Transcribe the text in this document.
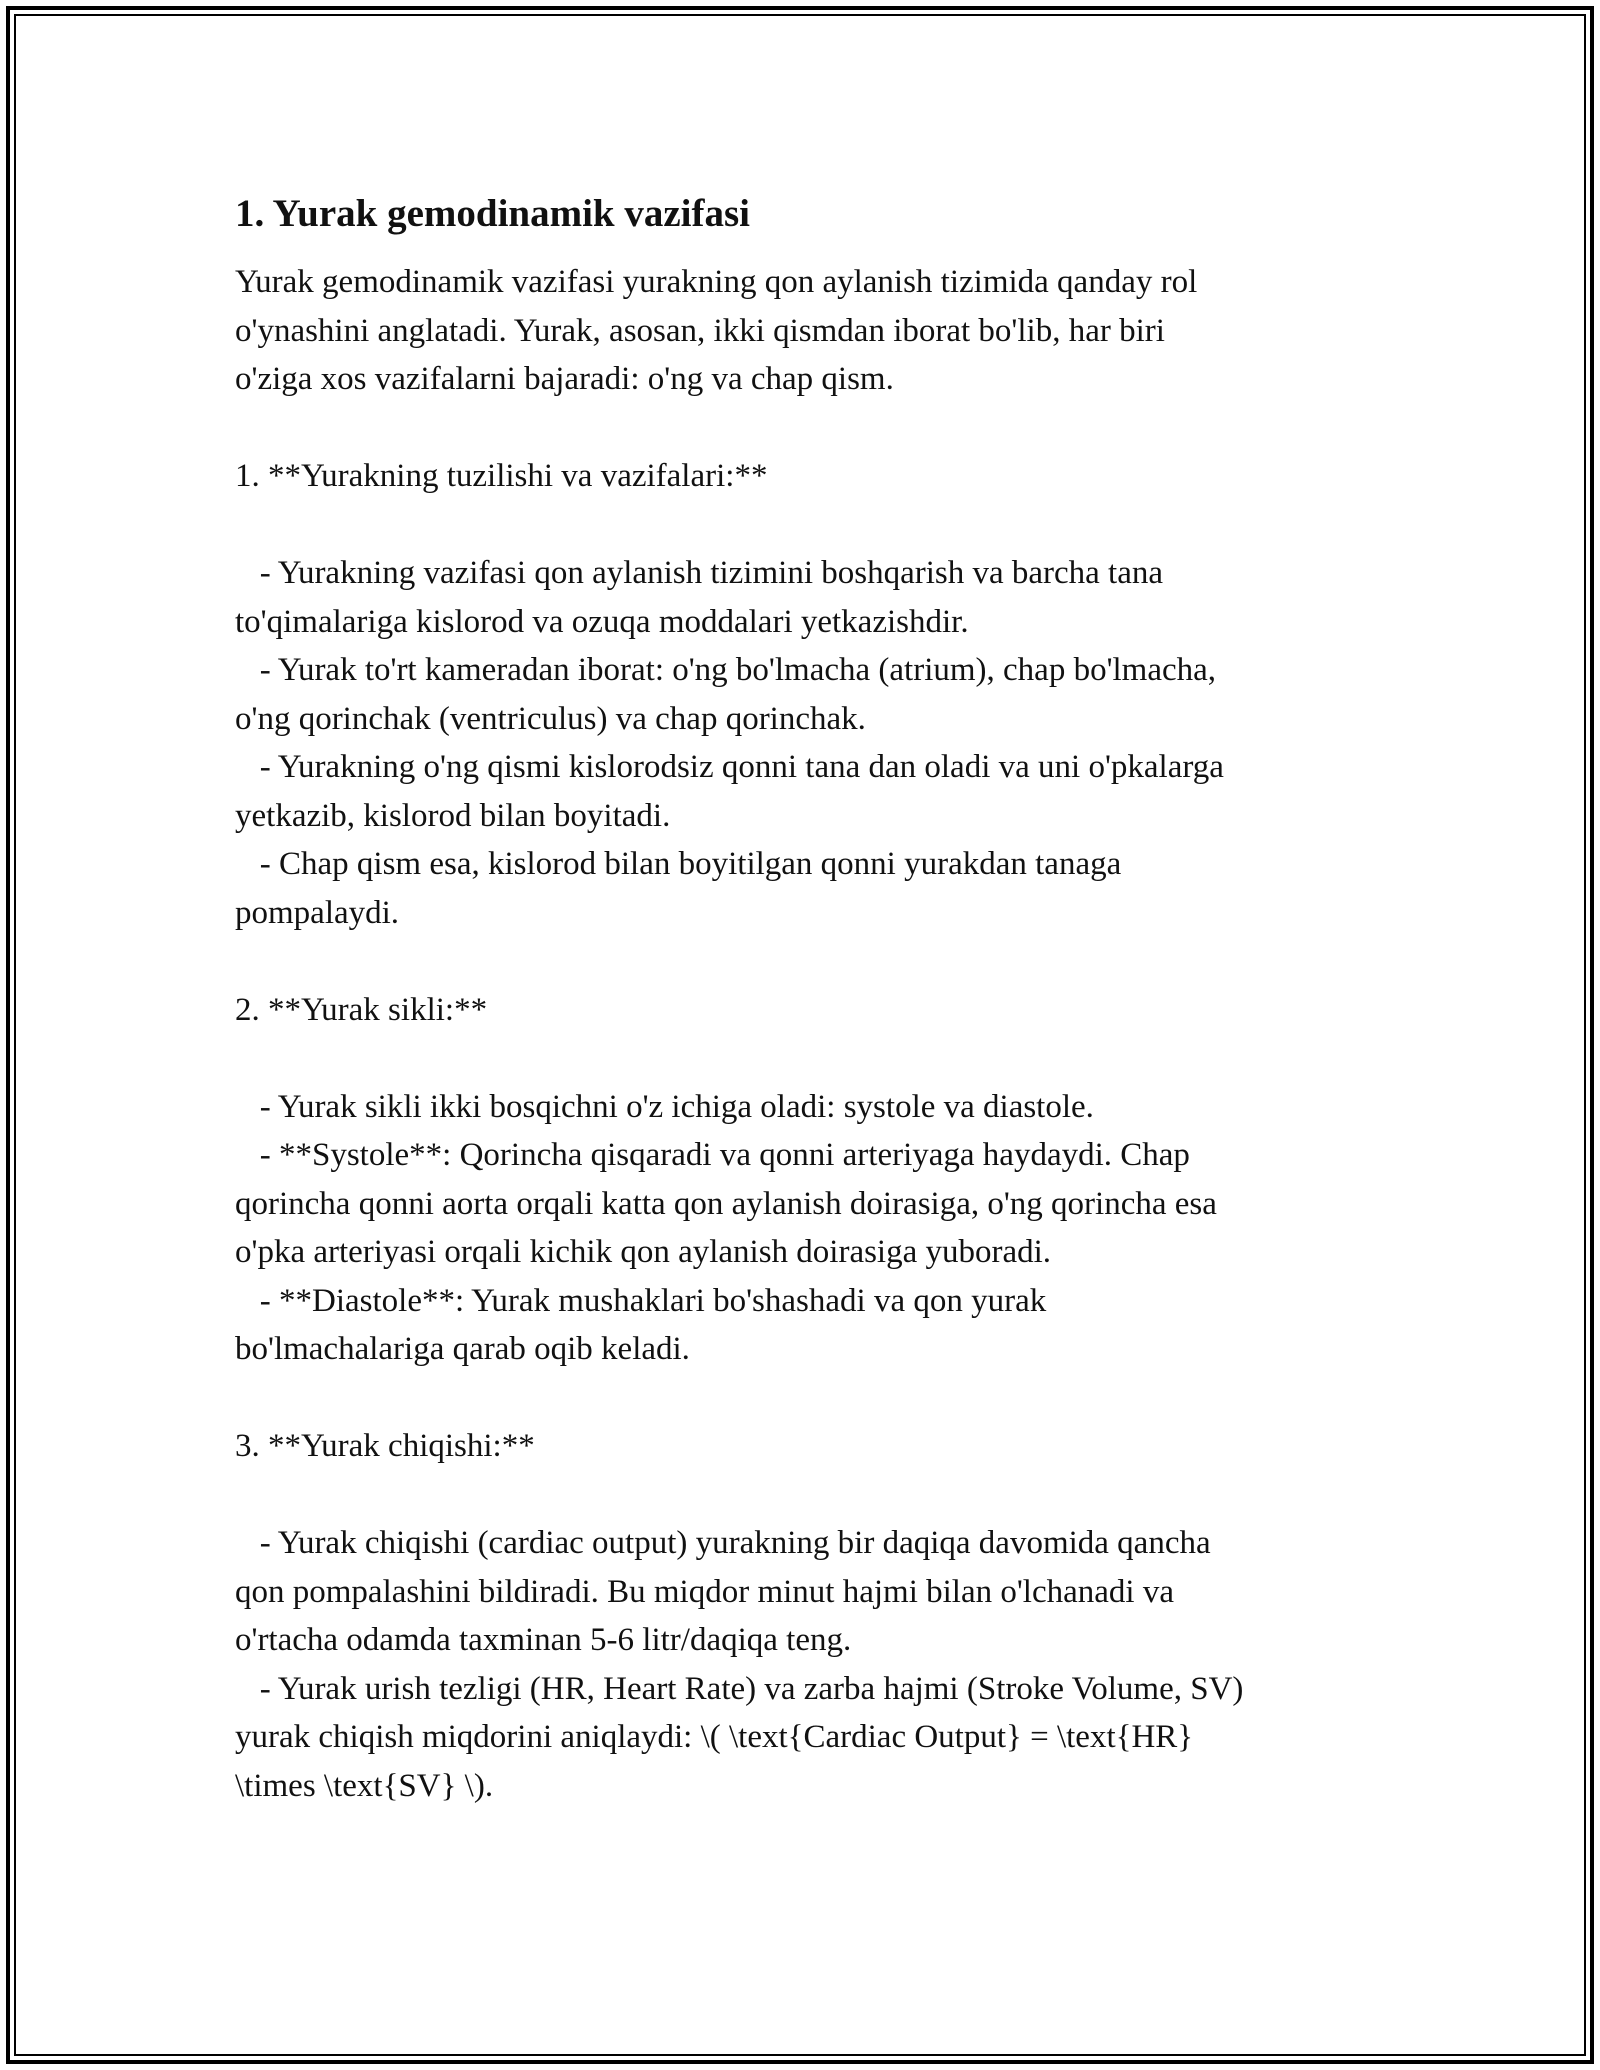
1. Yurak gemodinamik vazifasi
Yurak gemodinamik vazifasi yurakning qon aylanish tizimida qanday rol
o'ynashini anglatadi. Yurak, asosan, ikki qismdan iborat bo'lib, har biri
o'ziga xos vazifalarni bajaradi: o'ng va chap qism.
1. **Yurakning tuzilishi va vazifalari:**
- Yurakning vazifasi qon aylanish tizimini boshqarish va barcha tana
to'qimalariga kislorod va ozuqa moddalari yetkazishdir.
- Yurak to'rt kameradan iborat: o'ng bo'lmacha (atrium), chap bo'lmacha,
o'ng qorinchak (ventriculus) va chap qorinchak.
- Yurakning o'ng qismi kislorodsiz qonni tana dan oladi va uni o'pkalarga
yetkazib, kislorod bilan boyitadi.
- Chap qism esa, kislorod bilan boyitilgan qonni yurakdan tanaga
pompalaydi.
2. **Yurak sikli:**
- Yurak sikli ikki bosqichni o'z ichiga oladi: systole va diastole.
- **Systole**: Qorincha qisqaradi va qonni arteriyaga haydaydi. Chap
qorincha qonni aorta orqali katta qon aylanish doirasiga, o'ng qorincha esa
o'pka arteriyasi orqali kichik qon aylanish doirasiga yuboradi.
- **Diastole**: Yurak mushaklari bo'shashadi va qon yurak
bo'lmachalariga qarab oqib keladi.
3. **Yurak chiqishi:**
- Yurak chiqishi (cardiac output) yurakning bir daqiqa davomida qancha
qon pompalashini bildiradi. Bu miqdor minut hajmi bilan o'lchanadi va
o'rtacha odamda taxminan 5-6 litr/daqiqa teng.
- Yurak urish tezligi (HR, Heart Rate) va zarba hajmi (Stroke Volume, SV)
yurak chiqish miqdorini aniqlaydi: \( \text{Cardiac Output} = \text{HR}
\times \text{SV} \).
